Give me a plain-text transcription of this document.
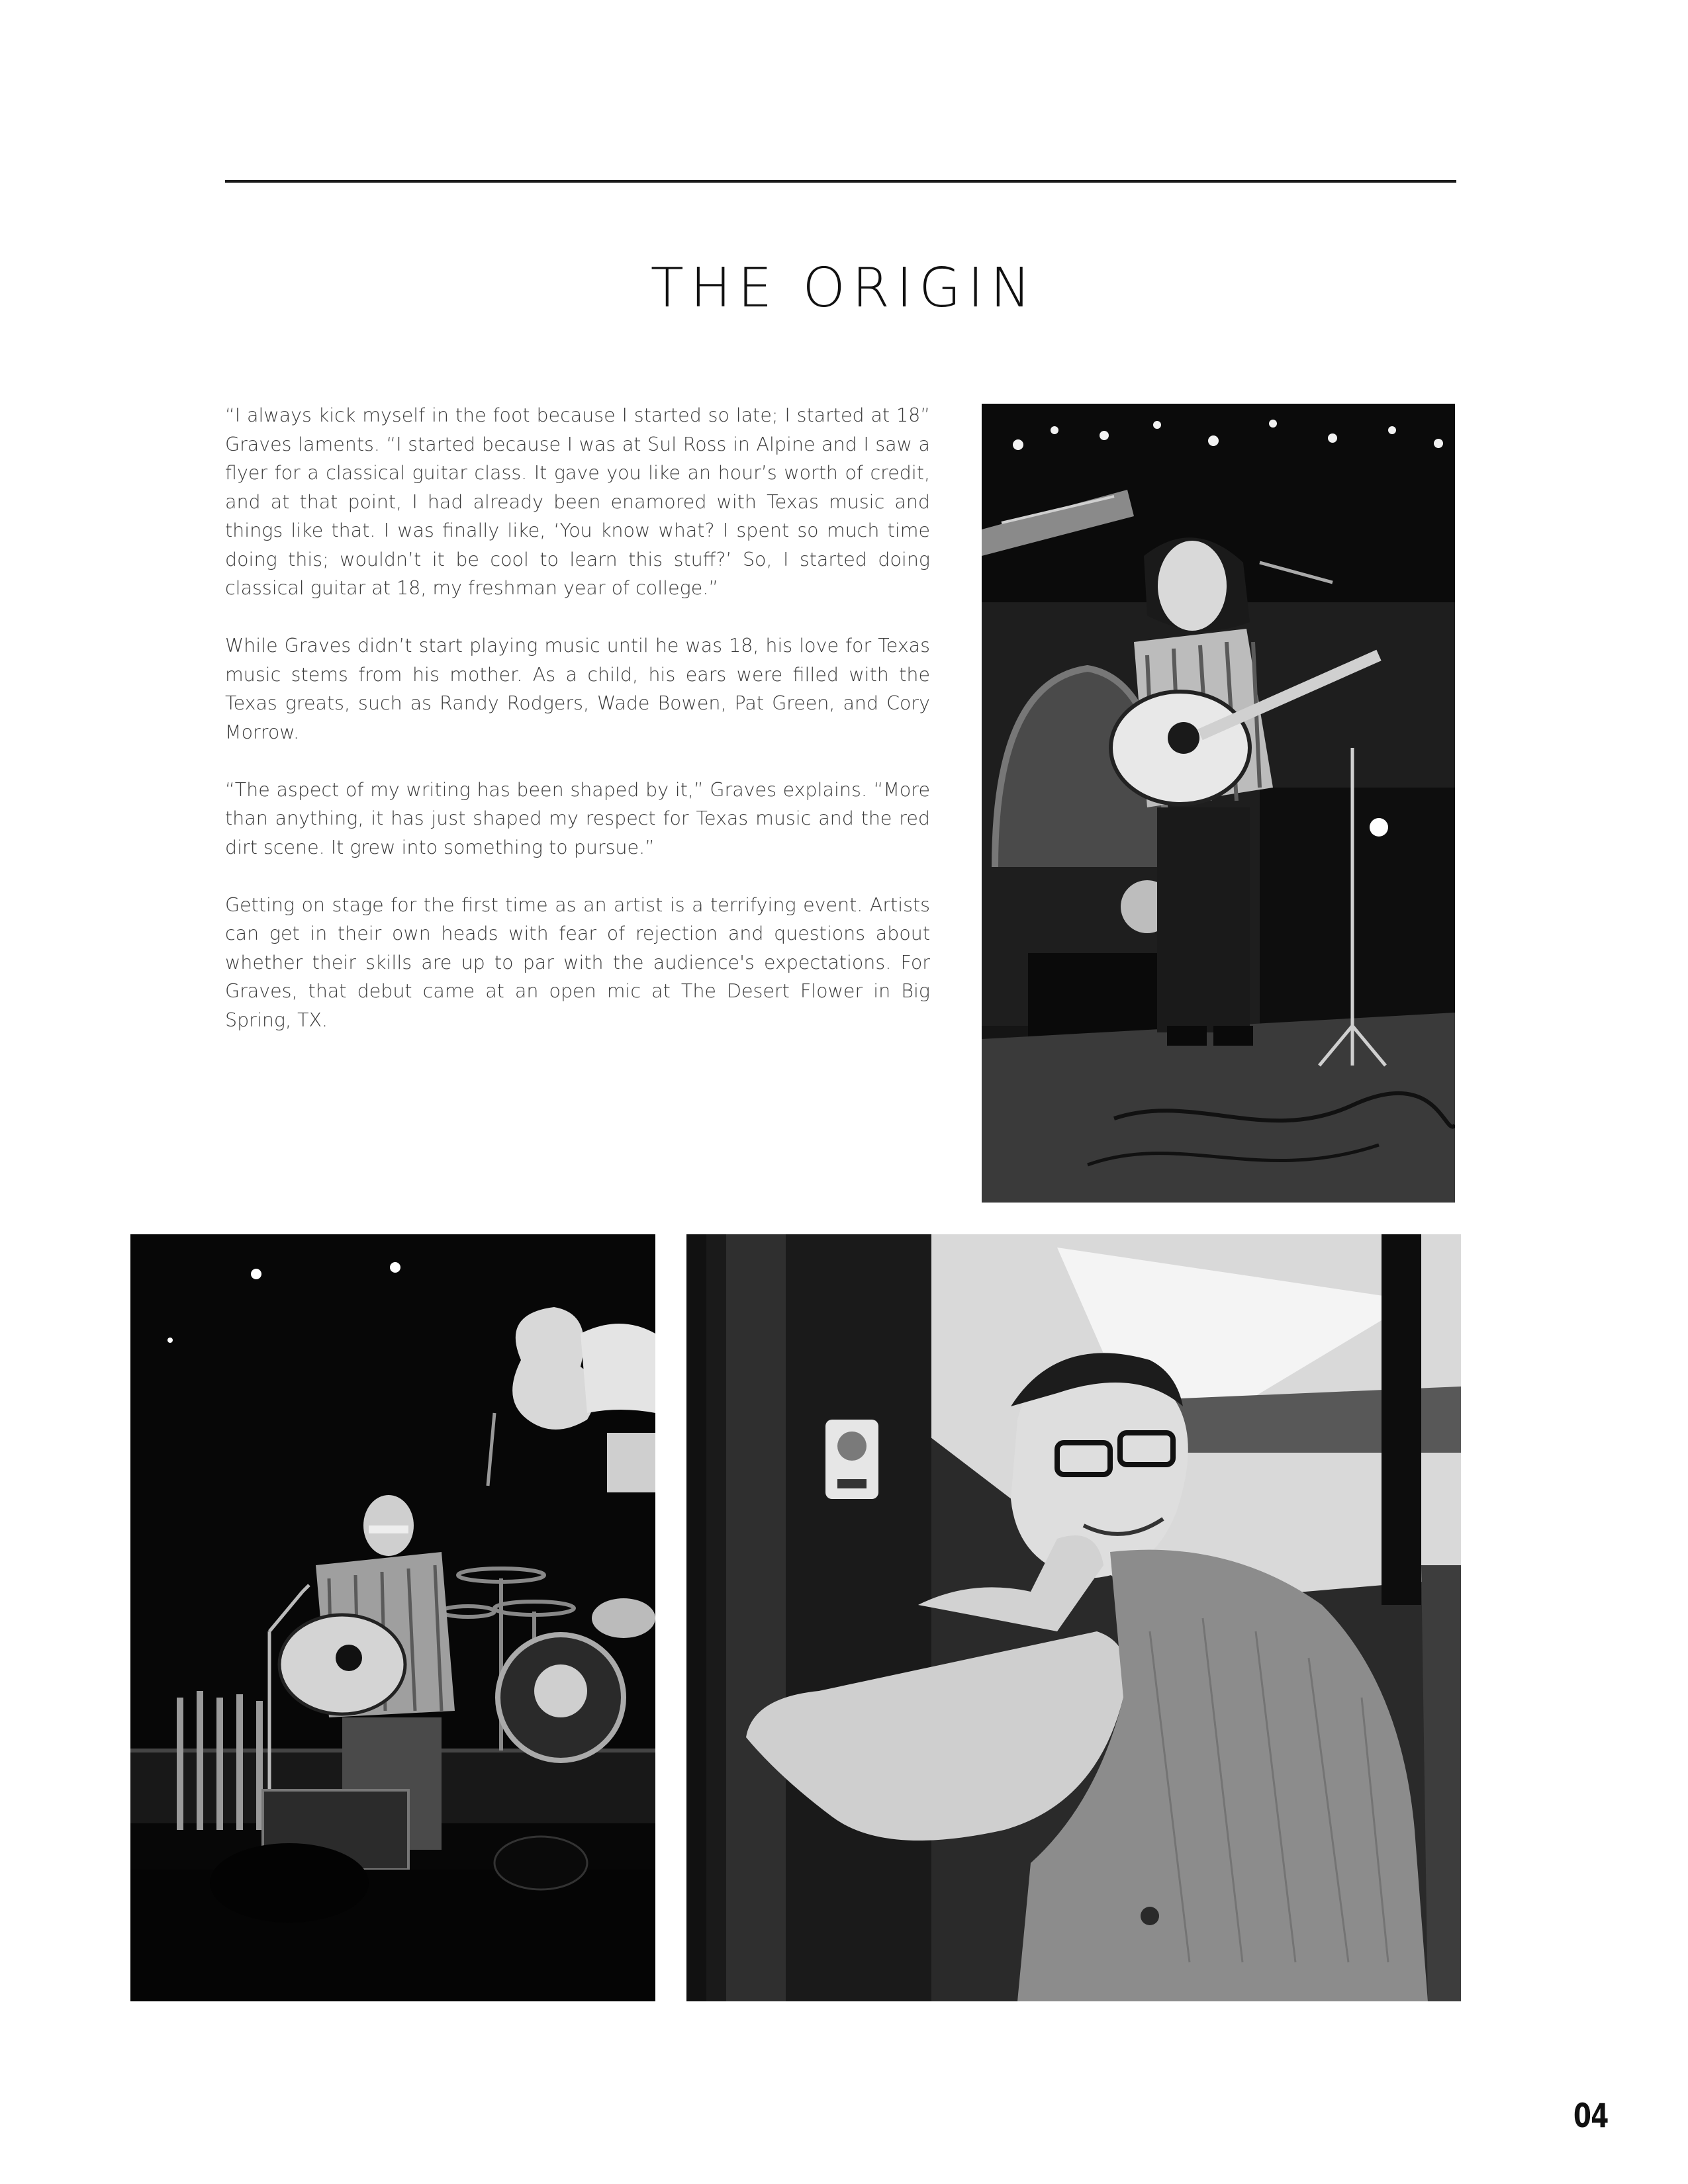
THE ORIGIN

“I always kick myself in the foot because I started so late; I started at 18” Graves laments. “I started because I was at Sul Ross in Alpine and I saw a flyer for a classical guitar class. It gave you like an hour’s worth of credit, and at that point, I had already been enamored with Texas music and things like that. I was finally like, ‘You know what? I spent so much time doing this; wouldn’t it be cool to learn this stuff?’ So, I started doing classical guitar at 18, my freshman year of college.”

While Graves didn’t start playing music until he was 18, his love for Texas music stems from his mother. As a child, his ears were filled with the Texas greats, such as Randy Rodgers, Wade Bowen, Pat Green, and Cory Morrow.

“The aspect of my writing has been shaped by it,” Graves explains. “More than anything, it has just shaped my respect for Texas music and the red dirt scene. It grew into something to pursue.”

Getting on stage for the first time as an artist is a terrifying event. Artists can get in their own heads with fear of rejection and questions about whether their skills are up to par with the audience's expectations. For Graves, that debut came at an open mic at The Desert Flower in Big Spring, TX.

04
